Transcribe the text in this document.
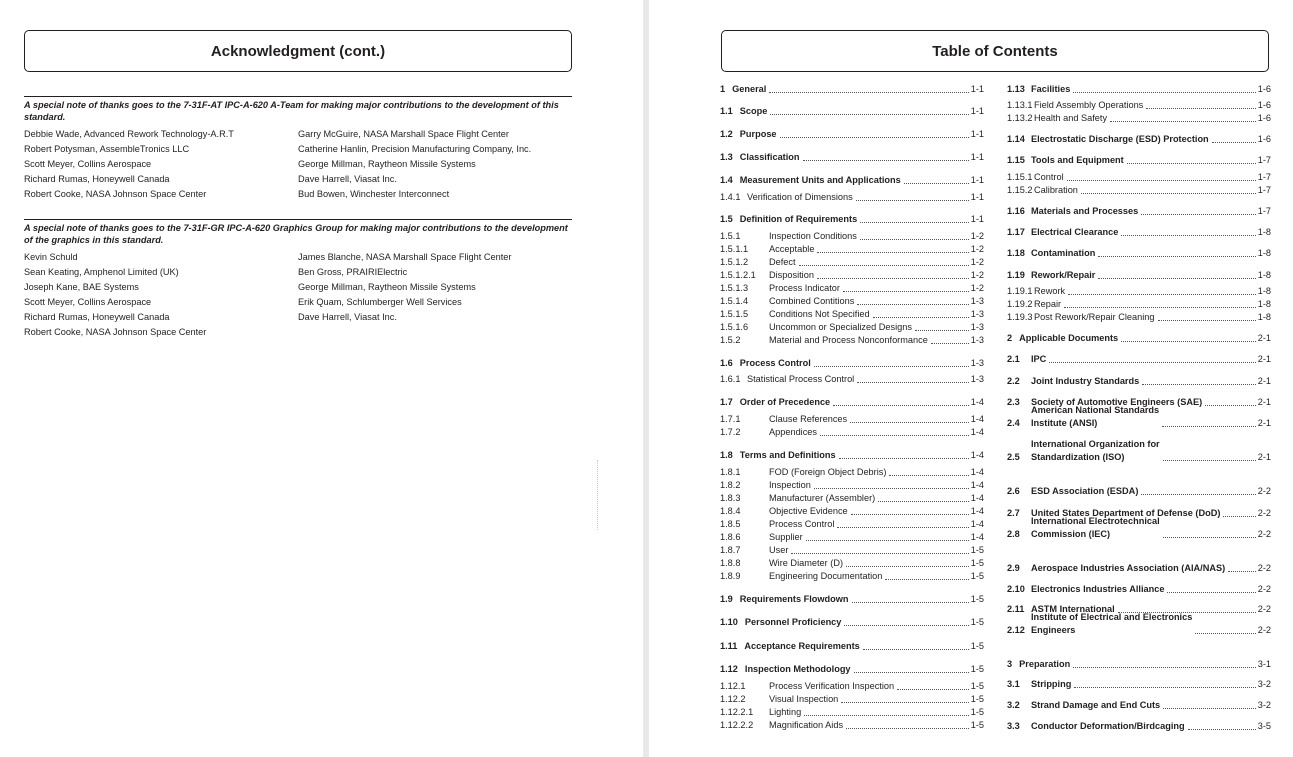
Acknowledgment (cont.)
A special note of thanks goes to the 7-31F-AT IPC-A-620 A-Team for making major contributions to the development of this standard.
Debbie Wade, Advanced Rework Technology-A.R.T
Robert Potysman, AssembleTronics LLC
Scott Meyer, Collins Aerospace
Richard Rumas, Honeywell Canada
Robert Cooke, NASA Johnson Space Center
Garry McGuire, NASA Marshall Space Flight Center
Catherine Hanlin, Precision Manufacturing Company, Inc.
George Millman, Raytheon Missile Systems
Dave Harrell, Viasat Inc.
Bud Bowen, Winchester Interconnect
A special note of thanks goes to the 7-31F-GR IPC-A-620 Graphics Group for making major contributions to the development of the graphics in this standard.
Kevin Schuld
Sean Keating, Amphenol Limited (UK)
Joseph Kane, BAE Systems
Scott Meyer, Collins Aerospace
Richard Rumas, Honeywell Canada
Robert Cooke, NASA Johnson Space Center
James Blanche, NASA Marshall Space Flight Center
Ben Gross, PRAIRIElectric
George Millman, Raytheon Missile Systems
Erik Quam, Schlumberger Well Services
Dave Harrell, Viasat Inc.
Table of Contents
1 General	1-1
1.1 Scope	1-1
1.2 Purpose	1-1
1.3 Classification	1-1
1.4 Measurement Units and Applications	1-1
1.4.1 Verification of Dimensions	1-1
1.5 Definition of Requirements	1-1
1.5.1	Inspection Conditions	1-2
1.5.1.1	Acceptable	1-2
1.5.1.2	Defect	1-2
1.5.1.2.1	Disposition	1-2
1.5.1.3	Process Indicator	1-2
1.5.1.4	Combined Contitions	1-3
1.5.1.5	Conditions Not Specified	1-3
1.5.1.6	Uncommon or Specialized Designs	1-3
1.5.2	Material and Process Nonconformance	1-3
1.6 Process Control	1-3
1.6.1 Statistical Process Control	1-3
1.7 Order of Precedence	1-4
1.7.1	Clause References	1-4
1.7.2	Appendices	1-4
1.8 Terms and Definitions	1-4
1.8.1	FOD (Foreign Object Debris)	1-4
1.8.2	Inspection	1-4
1.8.3	Manufacturer (Assembler)	1-4
1.8.4	Objective Evidence	1-4
1.8.5	Process Control	1-4
1.8.6	Supplier	1-4
1.8.7	User	1-5
1.8.8	Wire Diameter (D)	1-5
1.8.9	Engineering Documentation	1-5
1.9 Requirements Flowdown	1-5
1.10 Personnel Proficiency	1-5
1.11 Acceptance Requirements	1-5
1.12 Inspection Methodology	1-5
1.12.1	Process Verification Inspection	1-5
1.12.2	Visual Inspection	1-5
1.12.2.1	Lighting	1-5
1.12.2.2	Magnification Aids	1-5
1.13 Facilities	1-6
1.13.1 Field Assembly Operations	1-6
1.13.2 Health and Safety	1-6
1.14 Electrostatic Discharge (ESD) Protection	1-6
1.15 Tools and Equipment	1-7
1.15.1 Control	1-7
1.15.2 Calibration	1-7
1.16 Materials and Processes	1-7
1.17 Electrical Clearance	1-8
1.18 Contamination	1-8
1.19 Rework/Repair	1-8
1.19.1 Rework	1-8
1.19.2 Repair	1-8
1.19.3 Post Rework/Repair Cleaning	1-8
2 Applicable Documents	2-1
2.1	IPC	2-1
2.2	Joint Industry Standards	2-1
2.3	Society of Automotive Engineers (SAE)	2-1
2.4
American National Standards
Institute (ANSI)	2-1
2.5
International Organization for
Standardization (ISO)	2-1
2.6	ESD Association (ESDA)	2-2
2.7	United States Department of Defense (DoD)	2-2
2.8
International Electrotechnical
Commission (IEC)	2-2
2.9	Aerospace Industries Association (AIA/NAS)	2-2
2.10 Electronics Industries Alliance	2-2
2.11 ASTM International	2-2
2.12
Institute of Electrical and Electronics
Engineers	2-2
3 Preparation	3-1
3.1	Stripping	3-2
3.2	Strand Damage and End Cuts	3-2
3.3	Conductor Deformation/Birdcaging	3-5
